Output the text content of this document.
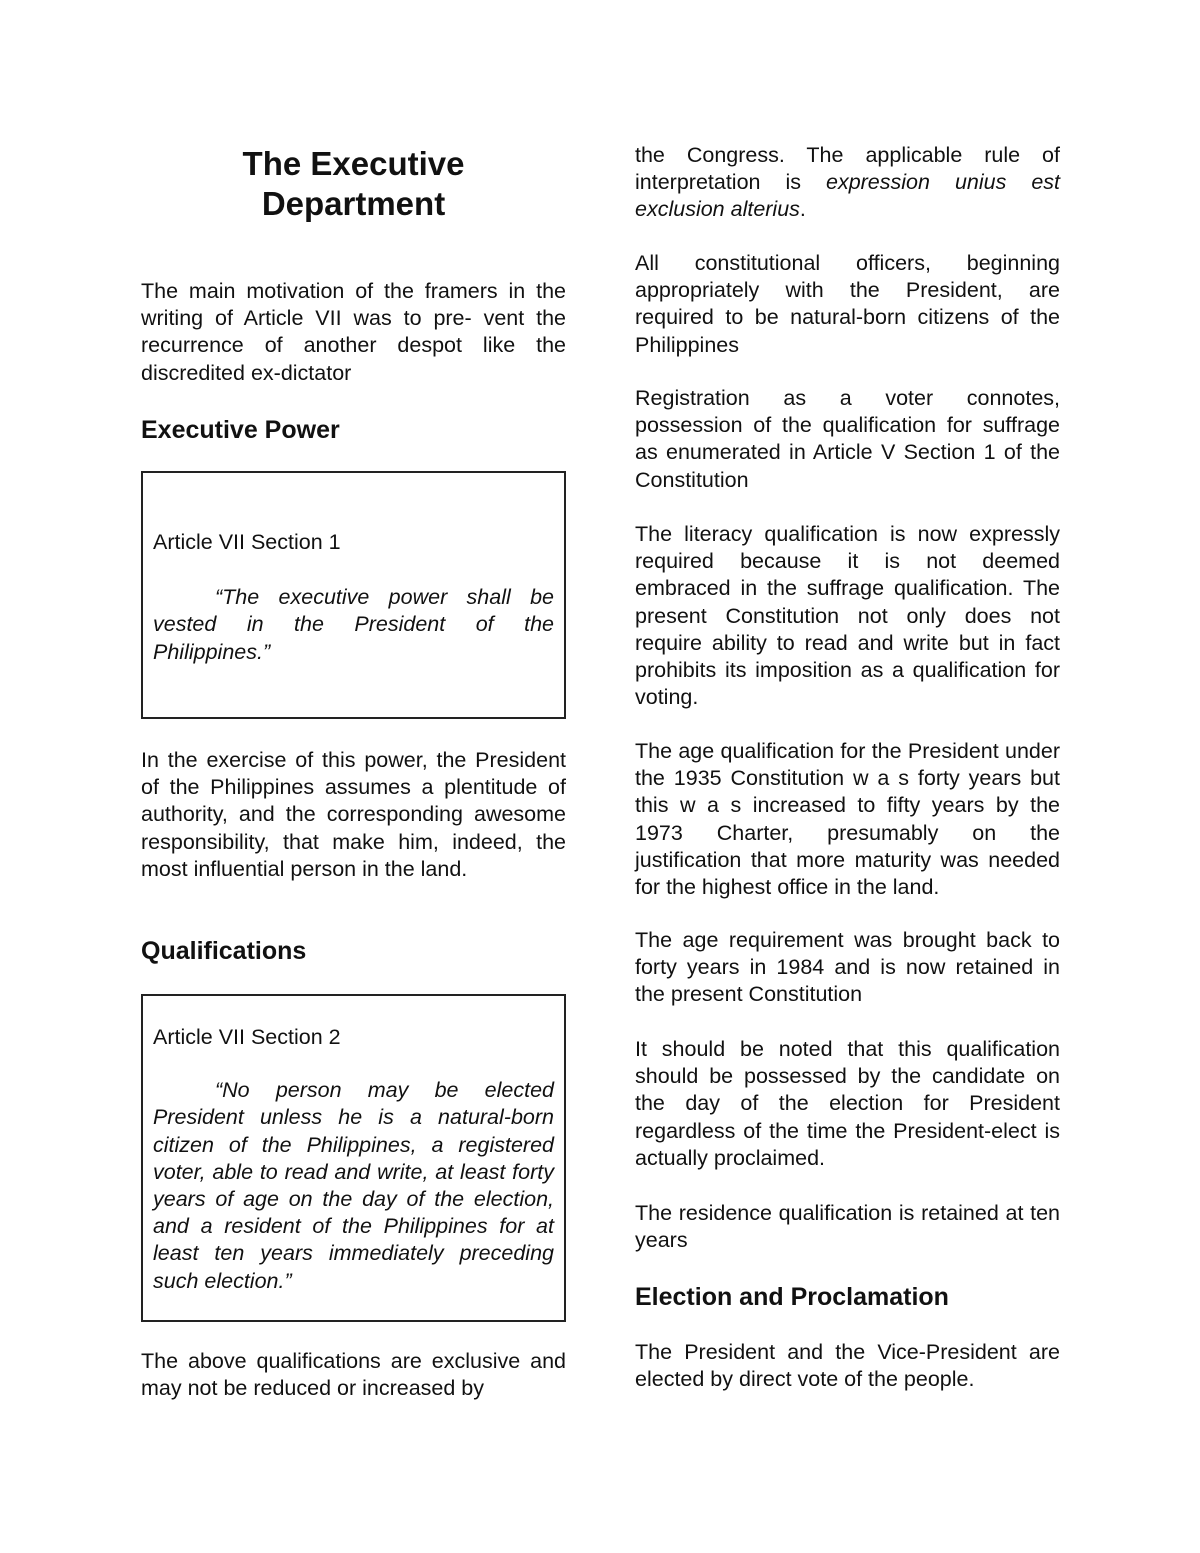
The Executive
Department

The main motivation of the framers in the writing of Article VII was to pre- vent the recurrence of another despot like the discredited ex-dictator

Executive Power

Article VII Section 1

“The executive power shall be vested in the President of the Philippines.”

In the exercise of this power, the President of the Philippines assumes a plentitude of authority, and the corresponding awesome responsibility, that make him, indeed, the most influential person in the land.

Qualifications

Article VII Section 2

“No person may be elected President unless he is a natural-born citizen of the Philippines, a registered voter, able to read and write, at least forty years of age on the day of the election, and a resident of the Philippines for at least ten years immediately preceding such election.”

The above qualifications are exclusive and may not be reduced or increased by

the Congress. The applicable rule of interpretation is expression unius est exclusion alterius.

All constitutional officers, beginning appropriately with the President, are required to be natural-born citizens of the Philippines

Registration as a voter connotes, possession of the qualification for suffrage as enumerated in Article V Section 1 of the Constitution

The literacy qualification is now expressly required because it is not deemed embraced in the suffrage qualification. The present Constitution not only does not require ability to read and write but in fact prohibits its imposition as a qualification for voting.

The age qualification for the President under the 1935 Constitution w a s forty years but this w a s increased to fifty years by the 1973 Charter, presumably on the justification that more maturity was needed for the highest office in the land.

The age requirement was brought back to forty years in 1984 and is now retained in the present Constitution

It should be noted that this qualification should be possessed by the candidate on the day of the election for President regardless of the time the President-elect is actually proclaimed.

The residence qualification is retained at ten years

Election and Proclamation

The President and the Vice-President are elected by direct vote of the people.
